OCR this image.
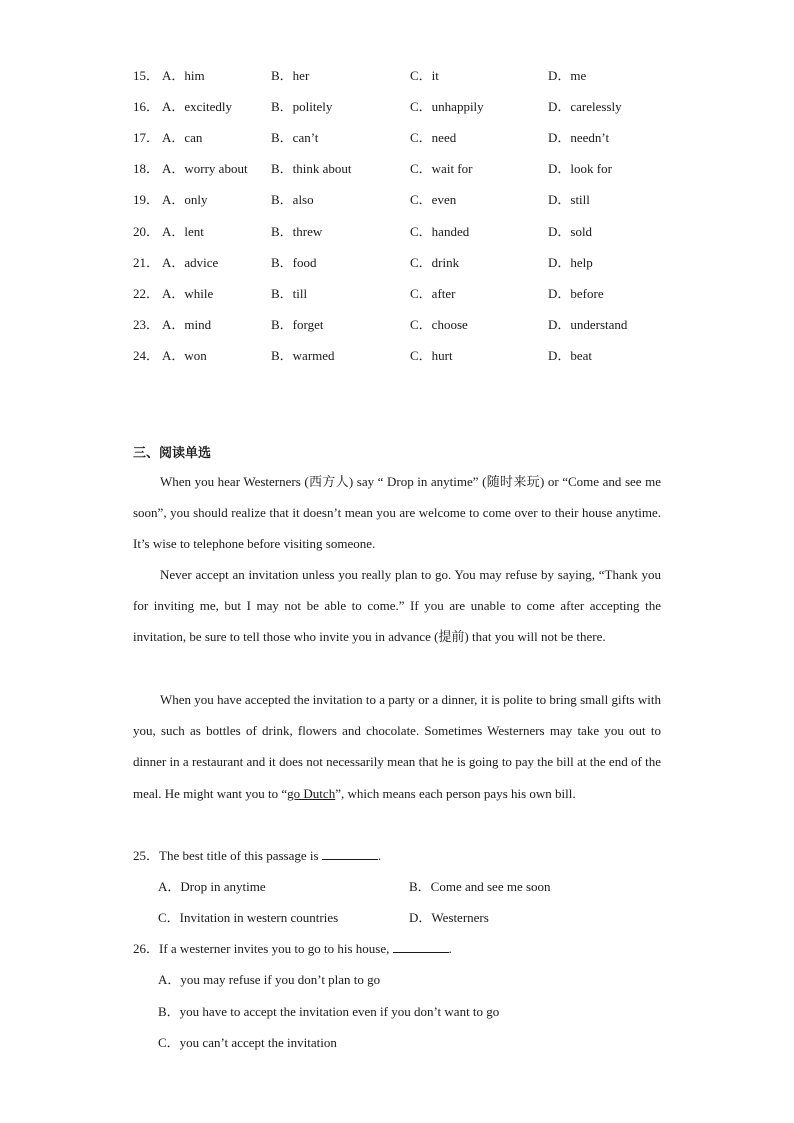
15． A．him	B．her	C．it	D．me
16． A．excitedly	B．politely	C．unhappily	D．carelessly
17． A．can	B．can’t	C．need	D．needn’t
18． A．worry about B．think about	C．wait for	D．look for
19． A．only	B．also	C．even	D．still
20． A．lent	B．threw	C．handed	D．sold
21． A．advice	B．food	C．drink	D．help
22． A．while	B．till	C．after	D．before
23． A．mind	B．forget	C．choose	D．understand
24． A．won	B．warmed	C．hurt	D．beat
三、阅读单选

When you hear Westerners (西方人) say “ Drop in anytime” (随时来玩) or “Come and see me soon”, you should realize that it doesn’t mean you are welcome to come over to their house anytime. It’s wise to telephone before visiting someone.

Never accept an invitation unless you really plan to go. You may refuse by saying, “Thank you for inviting me, but I may not be able to come.” If you are unable to come after accepting the invitation, be sure to tell those who invite you in advance (提前) that you will not be there.

When you have accepted the invitation to a party or a dinner, it is polite to bring small gifts with you, such as bottles of drink, flowers and chocolate. Sometimes Westerners may take you out to dinner in a restaurant and it does not necessarily mean that he is going to pay the bill at the end of the meal. He might want you to “go Dutch”, which means each person pays his own bill.

25．The best title of this passage is	.
A．Drop in anytime	B．Come and see me soon
C．Invitation in western countries	D．Westerners
26．If a westerner invites you to go to his house,	.
A．you may refuse if you don’t plan to go
B．you have to accept the invitation even if you don’t want to go
C．you can’t accept the invitation
